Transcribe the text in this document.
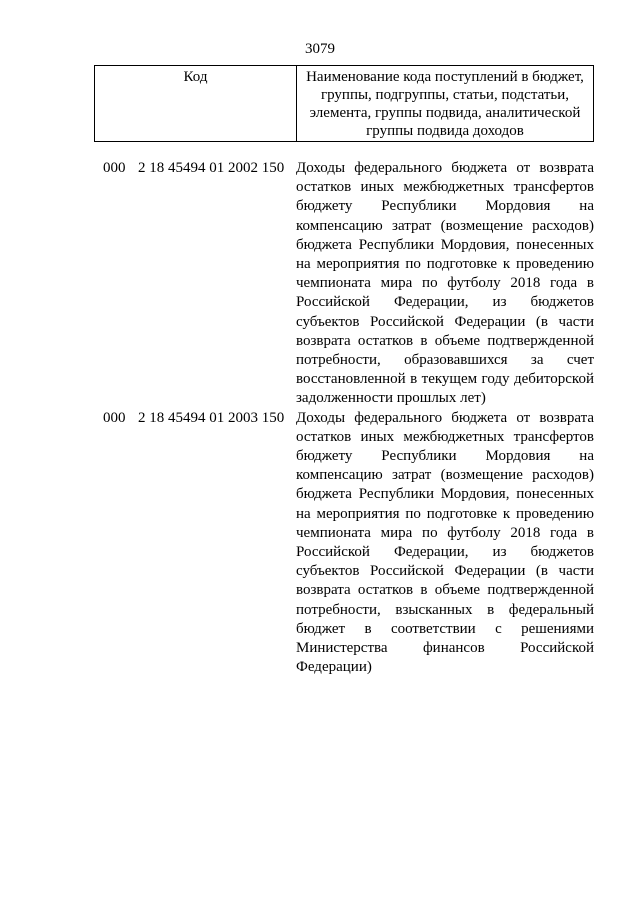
3079
Код	Наименование кода поступлений в бюджет, группы, подгруппы, статьи, подстатьи, элемента, группы подвида, аналитической группы подвида доходов
000 2 18 45494 01 2002 150 Доходы федерального бюджета от возврата остатков иных межбюджетных трансфертов бюджету Республики Мордовия на компенсацию затрат (возмещение расходов) бюджета Республики Мордовия, понесенных на мероприятия по подготовке к проведению чемпионата мира по футболу 2018 года в Российской Федерации, из бюджетов субъектов Российской Федерации (в части возврата остатков в объеме подтвержденной потребности, образовавшихся за счет восстановленной в текущем году дебиторской задолженности прошлых лет)
000 2 18 45494 01 2003 150 Доходы федерального бюджета от возврата остатков иных межбюджетных трансфертов бюджету Республики Мордовия на компенсацию затрат (возмещение расходов) бюджета Республики Мордовия, понесенных на мероприятия по подготовке к проведению чемпионата мира по футболу 2018 года в Российской Федерации, из бюджетов субъектов Российской Федерации (в части возврата остатков в объеме подтвержденной потребности, взысканных в федеральный бюджет в соответствии с решениями Министерства финансов Российской Федерации)
